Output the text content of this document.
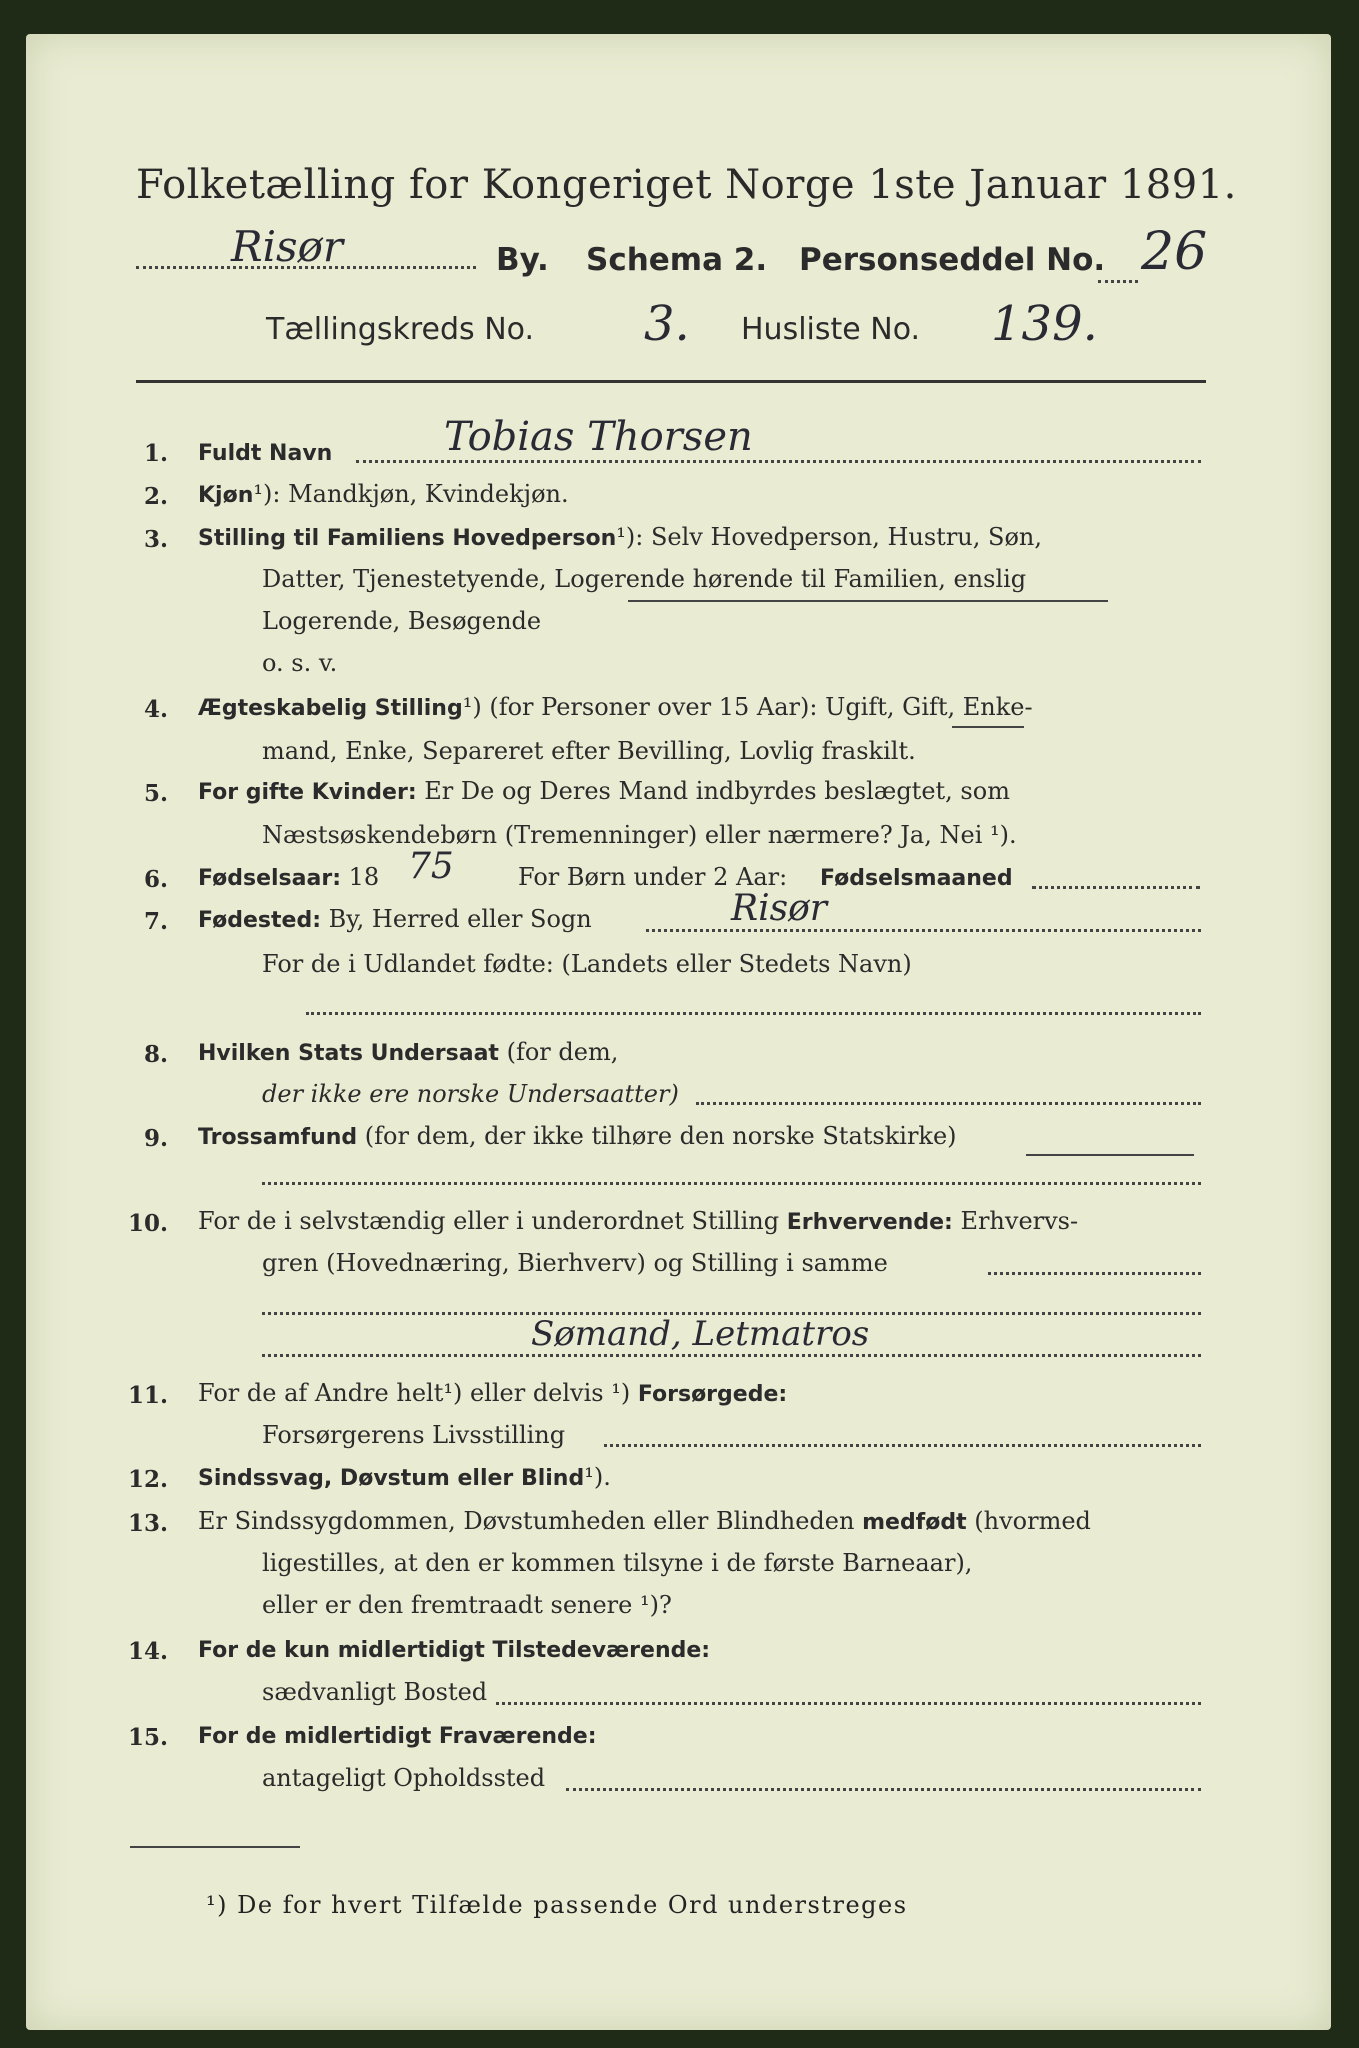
Folketælling for Kongeriget Norge 1ste Januar 1891.
Risør	By. Schema 2. Personseddel No. 26
Tællingskreds No. 3. Husliste No. 139.
1. Fuldt Navn	Tobias Thorsen
2. Kjøn¹): Mandkjøn, Kvindekjøn.
3. Stilling til Familiens Hovedperson¹): Selv Hovedperson, Hustru, Søn,
Datter, Tjenestetyende, Logerende hørende til Familien, enslig
Logerende, Besøgende
o. s. v.
4. Ægteskabelig Stilling¹) (for Personer over 15 Aar): Ugift, Gift, Enke-
mand, Enke, Separeret efter Bevilling, Lovlig fraskilt.
5. For gifte Kvinder: Er De og Deres Mand indbyrdes beslægtet, som
Næstsøskendebørn (Tremenninger) eller nærmere? Ja, Nei ¹).
6. Fødselsaar: 18 75	For Børn under 2 Aar: Fødselsmaaned
7. Fødested: By, Herred eller Sogn	Risør
For de i Udlandet fødte: (Landets eller Stedets Navn)
8. Hvilken Stats Undersaat (for dem,
der ikke ere norske Undersaatter)
9. Trossamfund (for dem, der ikke tilhøre den norske Statskirke)
10. For de i selvstændig eller i underordnet Stilling Erhvervende: Erhvervs-
gren (Hovednæring, Bierhverv) og Stilling i samme
Sømand, Letmatros
11. For de af Andre helt¹) eller delvis ¹) Forsørgede:
Forsørgerens Livsstilling
12. Sindssvag, Døvstum eller Blind¹).
13. Er Sindssygdommen, Døvstumheden eller Blindheden medfødt (hvormed
ligestilles, at den er kommen tilsyne i de første Barneaar),
eller er den fremtraadt senere ¹)?
14. For de kun midlertidigt Tilstedeværende:
sædvanligt Bosted
15. For de midlertidigt Fraværende:
antageligt Opholdssted
¹) De for hvert Tilfælde passende Ord understreges
